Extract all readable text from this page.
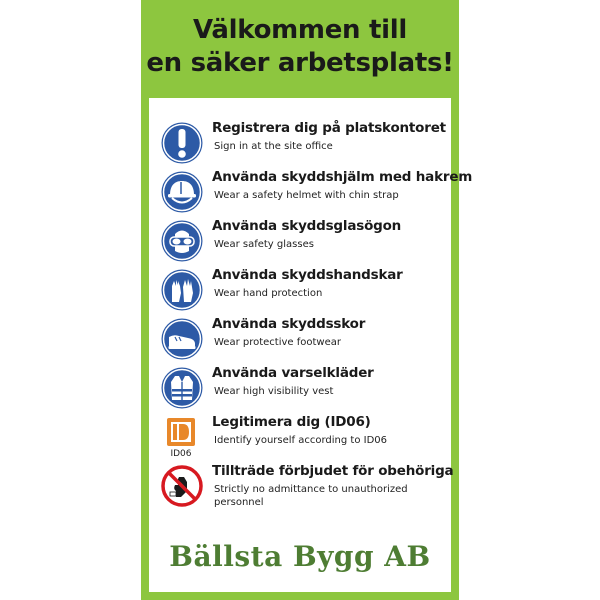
Välkommen till
en säker arbetsplats!
Registrera dig på platskontoret
Sign in at the site office
Använda skyddshjälm med hakrem
Wear a safety helmet with chin strap
Använda skyddsglasögon
Wear safety glasses
Använda skyddshandskar
Wear hand protection
Använda skyddsskor
Wear protective footwear
Använda varselkläder
Wear high visibility vest
ID06
Legitimera dig (ID06)
Identify yourself according to ID06
Tillträde förbjudet för obehöriga
Strictly no admittance to unauthorized personnel
Bällsta Bygg AB
